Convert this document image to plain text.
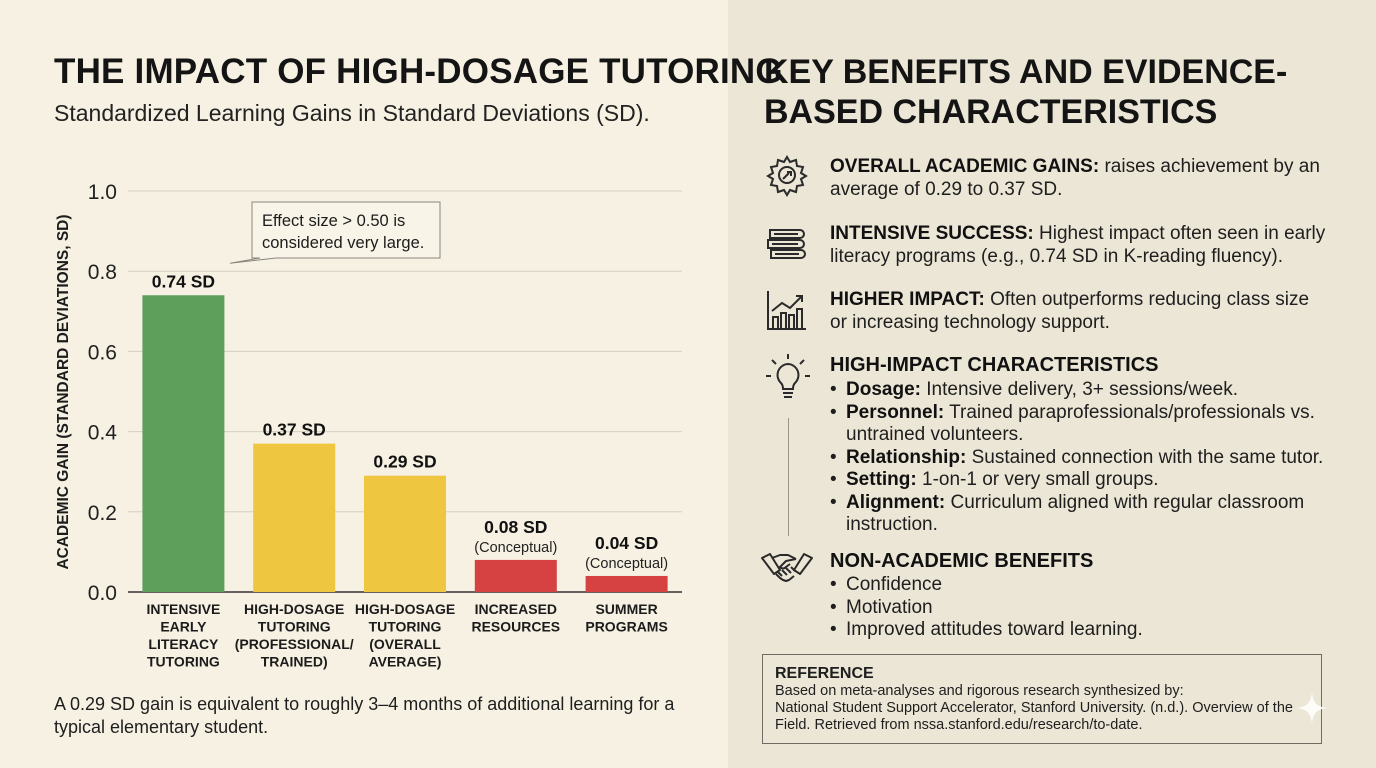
THE IMPACT OF HIGH-DOSAGE TUTORING
Standardized Learning Gains in Standard Deviations (SD).
0.0
0.2
0.4
0.6
0.8
1.0
ACADEMIC GAIN (STANDARD DEVIATIONS, SD)	0.74 SD
INTENSIVE
EARLY
LITERACY
TUTORING
0.37 SD
HIGH-DOSAGE
TUTORING
(PROFESSIONAL/
TRAINED)
0.29 SD
HIGH-DOSAGE
TUTORING
(OVERALL
AVERAGE)
0.08 SD
(Conceptual)
INCREASED
RESOURCES
0.04 SD
(Conceptual)
SUMMER
PROGRAMS
Effect size > 0.50 is
considered very large.
A 0.29 SD gain is equivalent to roughly 3–4 months of additional learning for a typical elementary student.
KEY BENEFITS AND EVIDENCE-BASED CHARACTERISTICS
OVERALL ACADEMIC GAINS: raises achievement by an average of 0.29 to 0.37 SD.
INTENSIVE SUCCESS: Highest impact often seen in early literacy programs (e.g., 0.74 SD in K-reading fluency).
HIGHER IMPACT: Often outperforms reducing class size or increasing technology support.
HIGH-IMPACT CHARACTERISTICS
• Dosage: Intensive delivery, 3+ sessions/week.
• Personnel: Trained paraprofessionals/professionals vs. untrained volunteers.
• Relationship: Sustained connection with the same tutor.
• Setting: 1-on-1 or very small groups.
• Alignment: Curriculum aligned with regular classroom instruction.
NON-ACADEMIC BENEFITS
• Confidence
• Motivation
• Improved attitudes toward learning.
REFERENCE
Based on meta-analyses and rigorous research synthesized by:
National Student Support Accelerator, Stanford University. (n.d.). Overview of the Field. Retrieved from nssa.stanford.edu/research/to-date.
